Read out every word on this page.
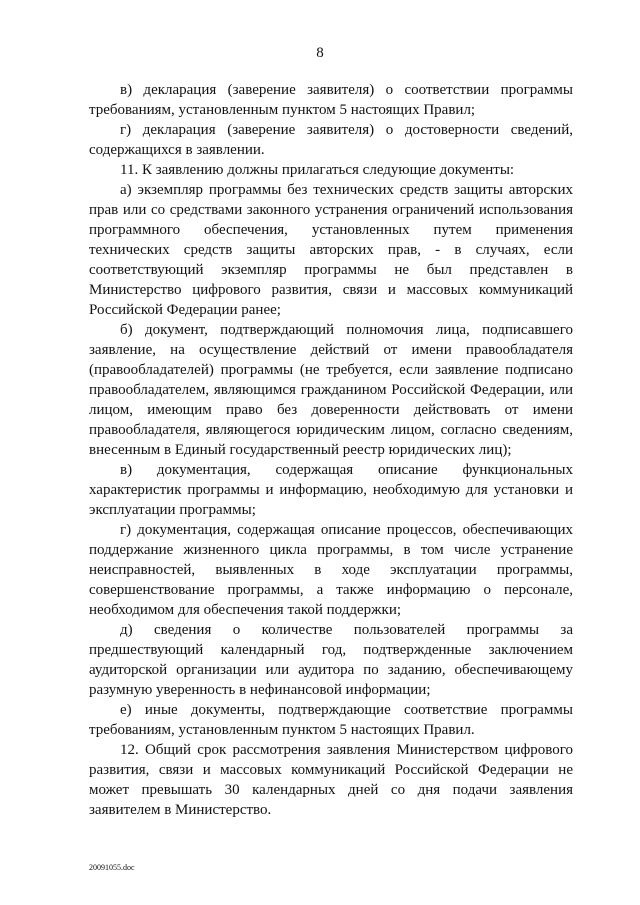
8

в) декларация (заверение заявителя) о соответствии программы требованиям, установленным пунктом 5 настоящих Правил;

г) декларация (заверение заявителя) о достоверности сведений, содержащихся в заявлении.

11. К заявлению должны прилагаться следующие документы:

а) экземпляр программы без технических средств защиты авторских прав или со средствами законного устранения ограничений использования программного обеспечения, установленных путем применения технических средств защиты авторских прав, - в случаях, если соответствующий экземпляр программы не был представлен в Министерство цифрового развития, связи и массовых коммуникаций Российской Федерации ранее;

б) документ, подтверждающий полномочия лица, подписавшего заявление, на осуществление действий от имени правообладателя (правообладателей) программы (не требуется, если заявление подписано правообладателем, являющимся гражданином Российской Федерации, или лицом, имеющим право без доверенности действовать от имени правообладателя, являющегося юридическим лицом, согласно сведениям, внесенным в Единый государственный реестр юридических лиц);

в) документация, содержащая описание функциональных характеристик программы и информацию, необходимую для установки и эксплуатации программы;

г) документация, содержащая описание процессов, обеспечивающих поддержание жизненного цикла программы, в том числе устранение неисправностей, выявленных в ходе эксплуатации программы, совершенствование программы, а также информацию о персонале, необходимом для обеспечения такой поддержки;

д) сведения о количестве пользователей программы за предшествующий календарный год, подтвержденные заключением аудиторской организации или аудитора по заданию, обеспечивающему разумную уверенность в нефинансовой информации;

е) иные документы, подтверждающие соответствие программы требованиям, установленным пунктом 5 настоящих Правил.

12. Общий срок рассмотрения заявления Министерством цифрового развития, связи и массовых коммуникаций Российской Федерации не может превышать 30 календарных дней со дня подачи заявления заявителем в Министерство.

20091055.doc
